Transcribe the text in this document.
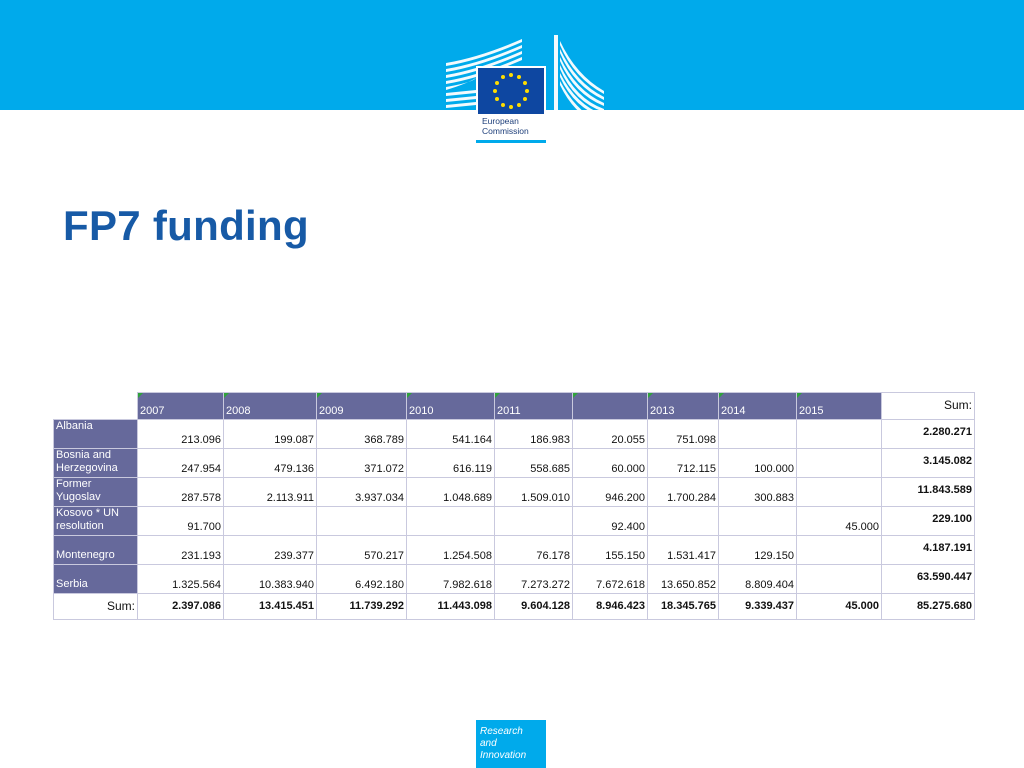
European
Commission
FP7 funding
	2007	2008	2009	2010	2011		2013	2014	2015	Sum:

Albania	213.096	199.087	368.789	541.164	186.983	20.055	751.098			2.280.271

Bosnia and
Herzegovina	247.954	479.136	371.072	616.119	558.685	60.000	712.115	100.000		3.145.082

Former
Yugoslav	287.578	2.113.911	3.937.034	1.048.689	1.509.010	946.200	1.700.284	300.883		11.843.589

Kosovo * UN
resolution	91.700					92.400			45.000	229.100

Montenegro	231.193	239.377	570.217	1.254.508	76.178	155.150	1.531.417	129.150		4.187.191

Serbia	1.325.564	10.383.940	6.492.180	7.982.618	7.273.272	7.672.618	13.650.852	8.809.404		63.590.447
Sum:	2.397.086	13.415.451	11.739.292	11.443.098	9.604.128	8.946.423	18.345.765	9.339.437	45.000	85.275.680
Research and
Innovation
